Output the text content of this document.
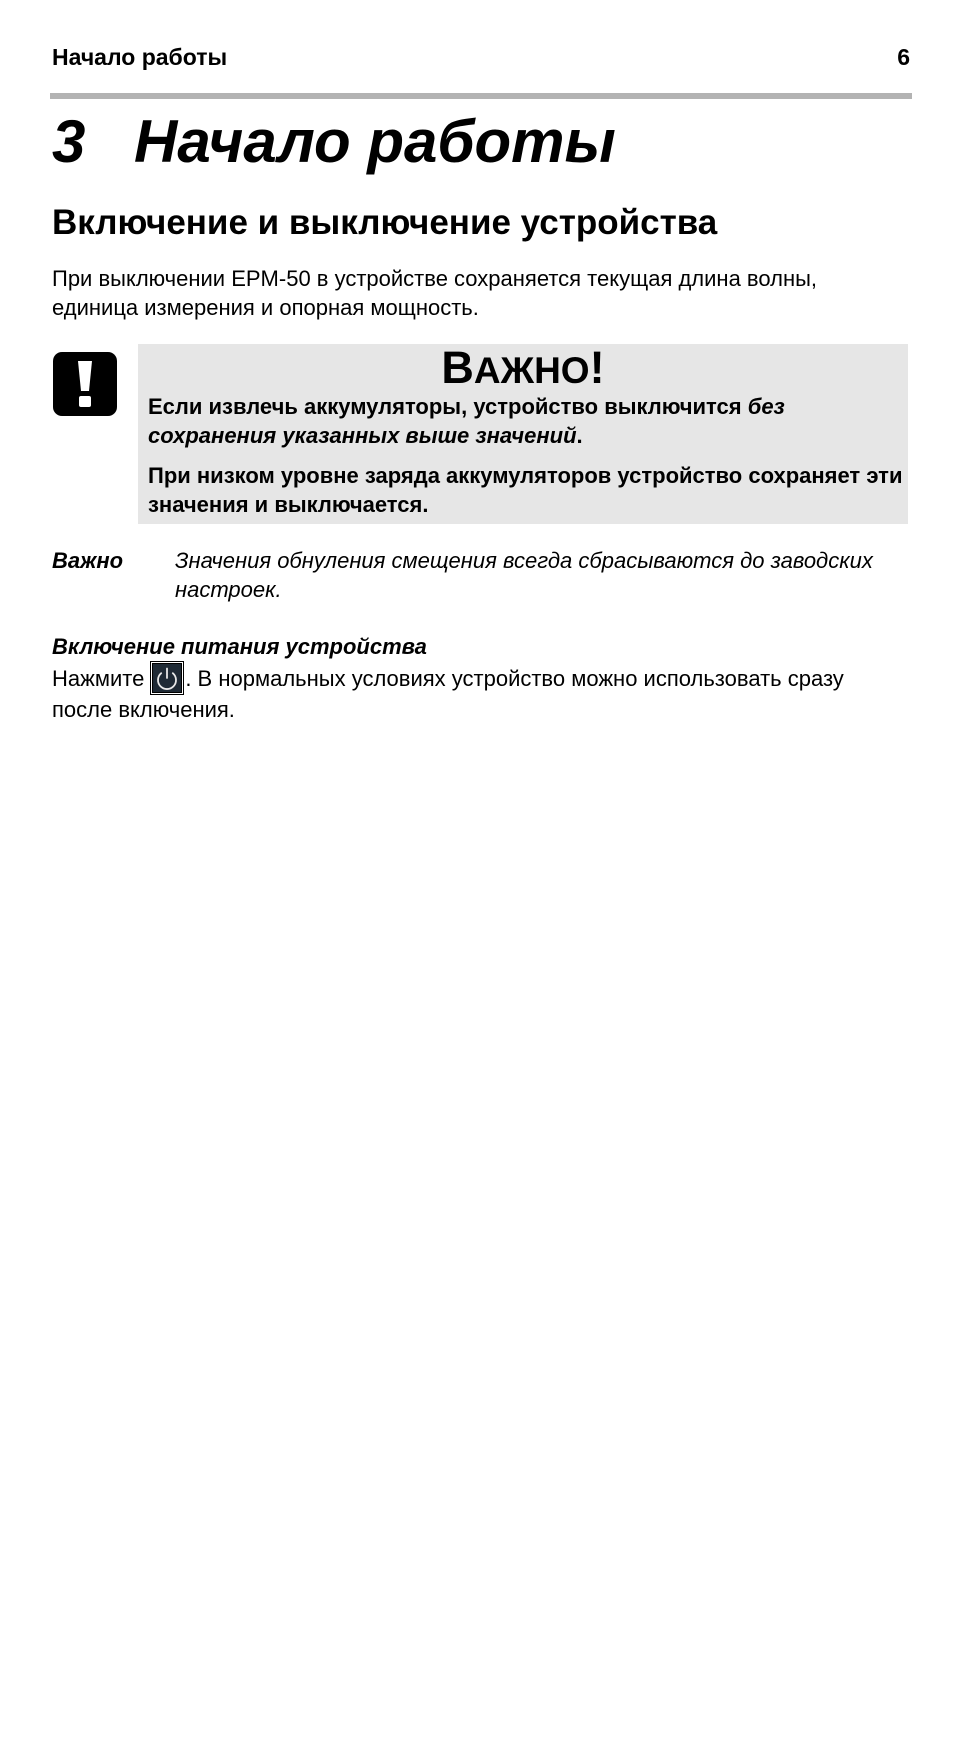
Начало работы	6
3 Начало работы
Включение и выключение устройства

При выключении EPM-50 в устройстве сохраняется текущая длина волны,
единица измерения и опорная мощность.

ВАЖНО!

Если извлечь аккумуляторы, устройство выключится без сохранения указанных выше значений.

При низком уровне заряда аккумуляторов устройство сохраняет эти значения и выключается.

Важно Значения обнуления смещения всегда сбрасываются до заводских настроек.

Включение питания устройства

Нажмите . В нормальных условиях устройство можно использовать сразу после включения.
